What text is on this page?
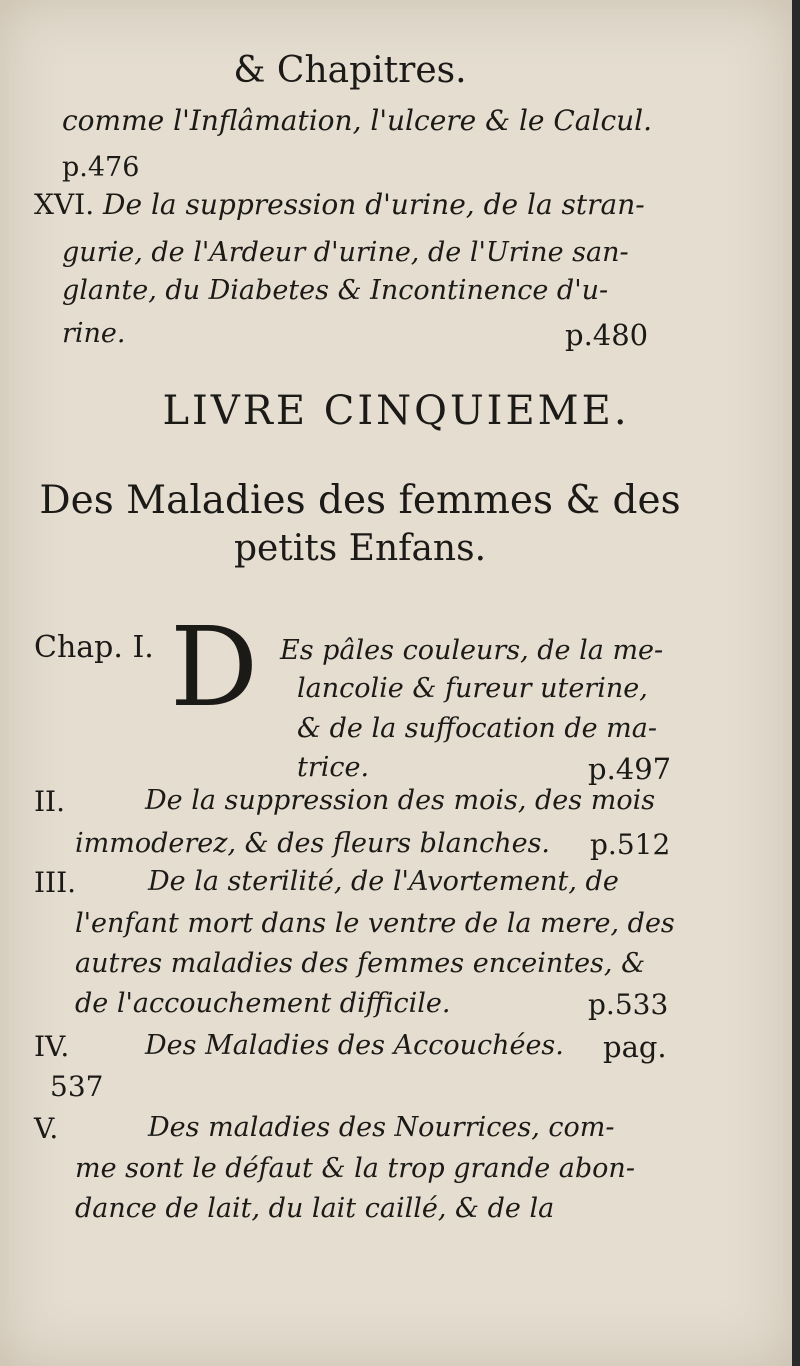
& Chapitres.
comme l'Inflâmation, l'ulcere & le Calcul.
p.476
XVI. De la suppression d'urine, de la stran-
gurie, de l'Ardeur d'urine, de l'Urine san-
glante, du Diabetes & Incontinence d'u-
rine.	p.480
LIVRE CINQUIEME.
Des Maladies des femmes & des
petits Enfans.
Chap. I. D Es pâles couleurs, de la me-
lancolie & fureur uterine,
& de la suffocation de ma-
trice.	p.497
II.	De la suppression des mois, des mois
immoderez, & des fleurs blanches. p.512
III.	De la sterilité, de l'Avortement, de
l'enfant mort dans le ventre de la mere, des
autres maladies des femmes enceintes, &
de l'accouchement difficile.	p.533
IV.	Des Maladies des Accouchées. pag.
537
V.	Des maladies des Nourrices, com-
me sont le défaut & la trop grande abon-
dance de lait, du lait caillé, & de la
